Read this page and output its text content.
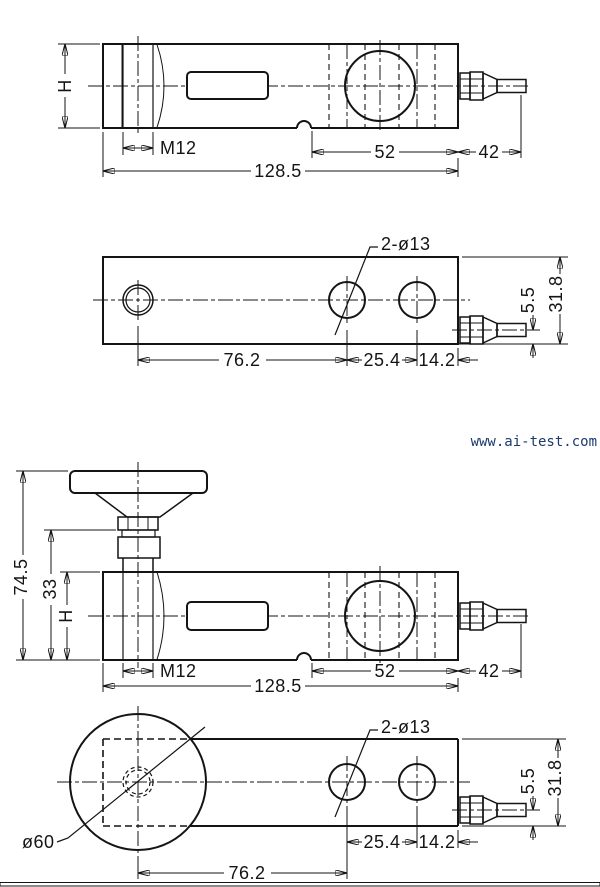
H
M12	52	42
128.5
2-ø13
76.2	25.4 14.2
5.5 31.8
www.ai-test.com
M12	52	42
128.5
H
33
74.5
2-ø13
ø60	25.4 14.2
76.2
5.5 31.8
